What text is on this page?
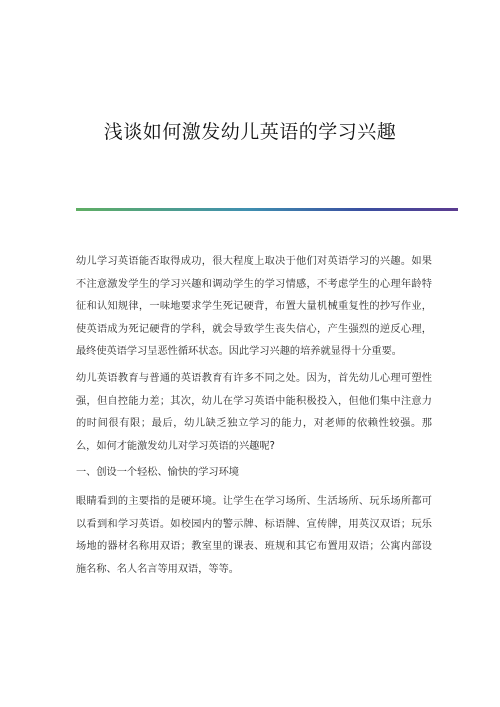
浅谈如何激发幼儿英语的学习兴趣

幼儿学习英语能否取得成功，很大程度上取决于他们对英语学习的兴趣。如果不注意激发学生的学习兴趣和调动学生的学习情感，不考虑学生的心理年龄特征和认知规律，一味地要求学生死记硬背，布置大量机械重复性的抄写作业，使英语成为死记硬背的学科，就会导致学生丧失信心，产生强烈的逆反心理，最终使英语学习呈恶性循环状态。因此学习兴趣的培养就显得十分重要。

幼儿英语教育与普通的英语教育有许多不同之处。因为，首先幼儿心理可塑性强，但自控能力差；其次，幼儿在学习英语中能积极投入，但他们集中注意力的时间很有限；最后，幼儿缺乏独立学习的能力，对老师的依赖性较强。那么，如何才能激发幼儿对学习英语的兴趣呢?

一、创设一个轻松、愉快的学习环境

眼睛看到的主要指的是硬环境。让学生在学习场所、生活场所、玩乐场所都可以看到和学习英语。如校园内的警示牌、标语牌、宣传牌，用英汉双语；玩乐场地的器材名称用双语；教室里的课表、班规和其它布置用双语；公寓内部设施名称、名人名言等用双语，等等。
